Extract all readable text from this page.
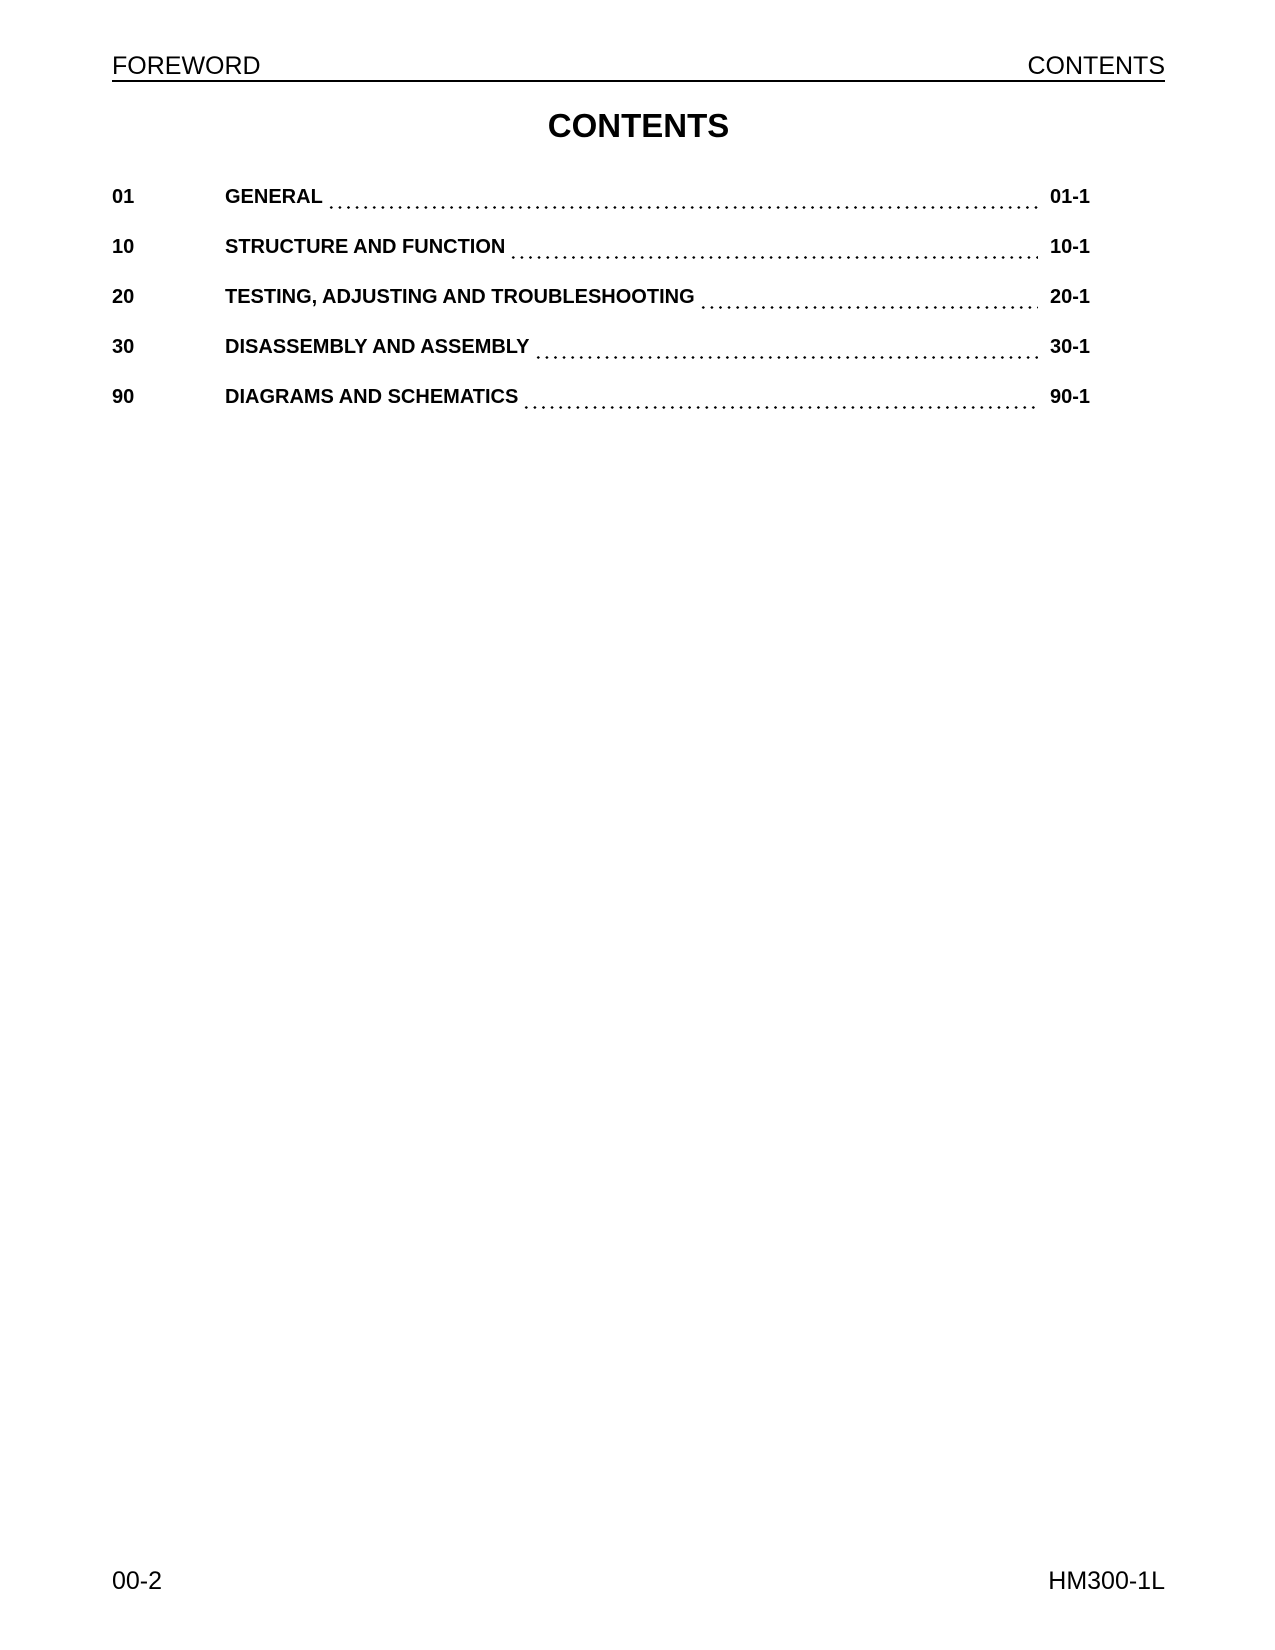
FOREWORD	CONTENTS
CONTENTS
01	GENERAL	01-1
10	STRUCTURE AND FUNCTION	10-1
20	TESTING, ADJUSTING AND TROUBLESHOOTING	20-1
30	DISASSEMBLY AND ASSEMBLY	30-1
90	DIAGRAMS AND SCHEMATICS	90-1
00-2	HM300-1L
